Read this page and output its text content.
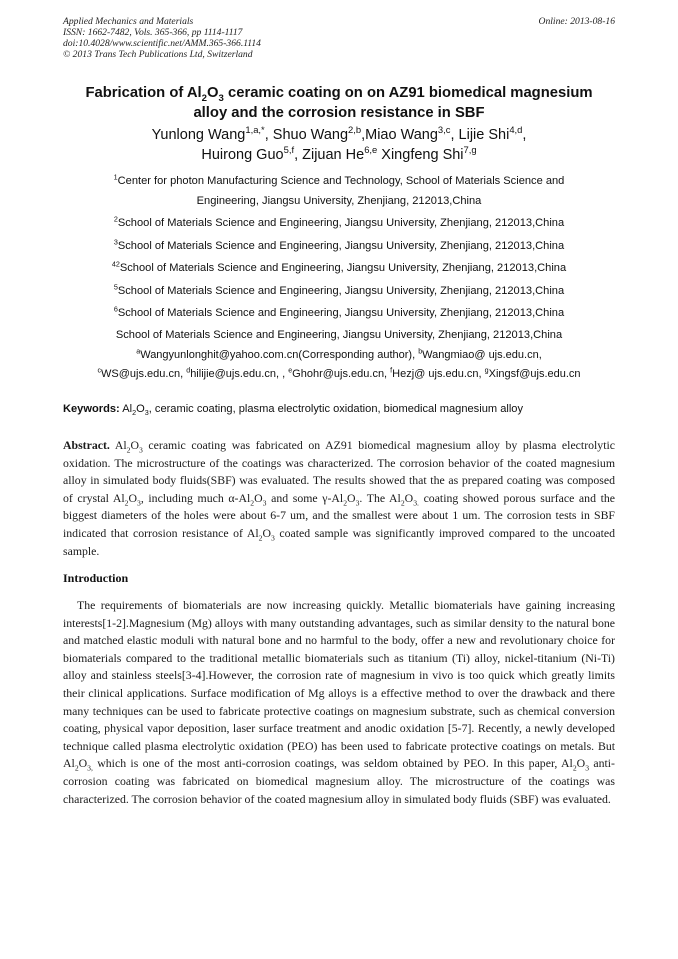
Applied Mechanics and Materials
ISSN: 1662-7482, Vols. 365-366, pp 1114-1117
doi:10.4028/www.scientific.net/AMM.365-366.1114
© 2013 Trans Tech Publications Ltd, Switzerland
Online: 2013-08-16
Fabrication of $Al_2O_3$ ceramic coating on on AZ91 biomedical magnesium
alloy and the corrosion resistance in SBF
Yunlong Wang$^{1,a,*}$, Shuo Wang$^{2,b}$,Miao Wang$^{3,c}$, Lijie Shi$^{4,d}$,
Huirong Guo$^{5,f}$, Zijuan He$^{6,e}$ Xingfeng Shi$^{7,g}$
$^1$Center for photon Manufacturing Science and Technology, School of Materials Science and
Engineering, Jiangsu University, Zhenjiang, 212013,China
$^2$School of Materials Science and Engineering, Jiangsu University, Zhenjiang, 212013,China
$^3$School of Materials Science and Engineering, Jiangsu University, Zhenjiang, 212013,China
$^{42}$School of Materials Science and Engineering, Jiangsu University, Zhenjiang, 212013,China
$^5$School of Materials Science and Engineering, Jiangsu University, Zhenjiang, 212013,China
$^6$School of Materials Science and Engineering, Jiangsu University, Zhenjiang, 212013,China
School of Materials Science and Engineering, Jiangsu University, Zhenjiang, 212013,China
$^a$Wangyunlonghit@yahoo.com.cn(Corresponding author), $^b$Wangmiao@ ujs.edu.cn,
$^c$WS@ujs.edu.cn, $^d$hilijie@ujs.edu.cn, , $^e$Ghohr@ujs.edu.cn, $^f$Hezj@ ujs.edu.cn, $^g$Xingsf@ujs.edu.cn
Keywords: $Al_2O_3$, ceramic coating, plasma electrolytic oxidation, biomedical magnesium alloy
Abstract. $Al_2O_3$ ceramic coating was fabricated on AZ91 biomedical magnesium alloy by plasma electrolytic oxidation. The microstructure of the coatings was characterized. The corrosion behavior of the coated magnesium alloy in simulated body fluids(SBF) was evaluated. The results showed that the as prepared coating was composed of crystal $Al_2O_3$, including much $\alpha-Al_2O_3$ and some $\gamma-Al_2O_3$. The $Al_2O_{3.}$ coating showed porous surface and the biggest diameters of the holes were about 6-7 um, and the smallest were about 1 um. The corrosion tests in SBF indicated that corrosion resistance of $Al_2O_3$ coated sample was significantly improved compared to the uncoated sample.
Introduction

The requirements of biomaterials are now increasing quickly. Metallic biomaterials have gaining increasing interests[1-2].Magnesium (Mg) alloys with many outstanding advantages, such as similar density to the natural bone and matched elastic moduli with natural bone and no harmful to the body, offer a new and revolutionary choice for biomaterials compared to the traditional metallic biomaterials such as titanium (Ti) alloy, nickel-titanium (Ni-Ti) alloy and stainless steels[3-4].However, the corrosion rate of magnesium in vivo is too quick which greatly limits their clinical applications. Surface modification of Mg alloys is a effective method to over the drawback and there many techniques can be used to fabricate protective coatings on magnesium substrate, such as chemical conversion coating, physical vapor deposition, laser surface treatment and anodic oxidation [5-7]. Recently, a newly developed technique called plasma electrolytic oxidation (PEO) has been used to fabricate protective coatings on metals. But $Al_2O_{3,}$ which is one of the most anti-corrosion coatings, was seldom obtained by PEO. In this paper, $Al_2O_3$ anti-corrosion coating was fabricated on biomedical magnesium alloy. The microstructure of the coatings was characterized. The corrosion behavior of the coated magnesium alloy in simulated body fluids (SBF) was evaluated.
